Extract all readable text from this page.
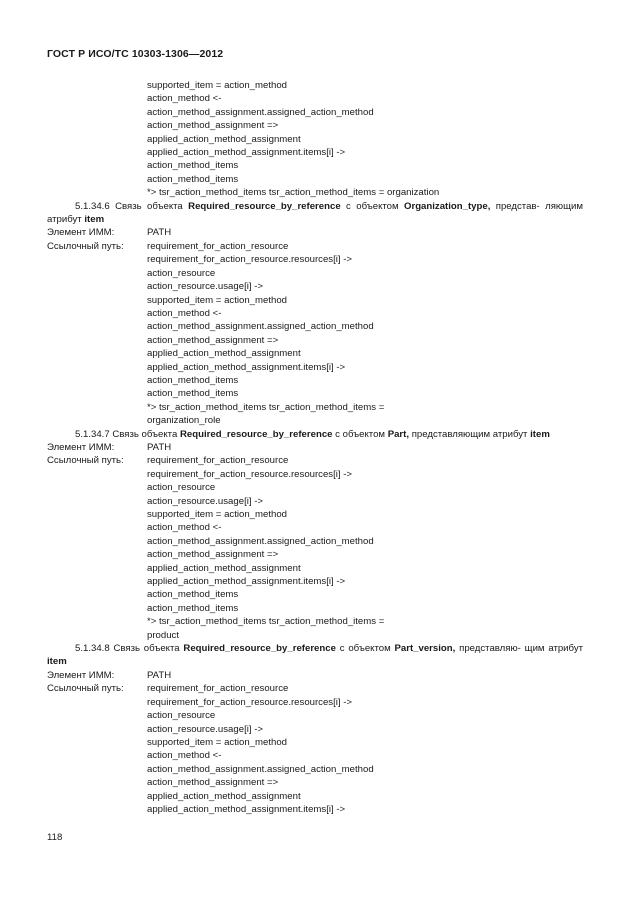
ГОСТ Р ИСО/ТС 10303-1306—2012
supported_item = action_method
action_method <-
action_method_assignment.assigned_action_method
action_method_assignment =>
applied_action_method_assignment
applied_action_method_assignment.items[i] ->
action_method_items
action_method_items
*> tsr_action_method_items tsr_action_method_items = organization
5.1.34.6 Связь объекта Required_resource_by_reference с объектом Organization_type, представ- ляющим атрибут item
Элемент ИММ:	PATH
Ссылочный путь:	requirement_for_action_resource
requirement_for_action_resource.resources[i] ->
action_resource
action_resource.usage[i] ->
supported_item = action_method
action_method <-
action_method_assignment.assigned_action_method
action_method_assignment =>
applied_action_method_assignment
applied_action_method_assignment.items[i] ->
action_method_items
action_method_items
*> tsr_action_method_items tsr_action_method_items =
organization_role
5.1.34.7 Связь объекта Required_resource_by_reference с объектом Part, представляющим атрибут item
Элемент ИММ:	PATH
Ссылочный путь:	requirement_for_action_resource
requirement_for_action_resource.resources[i] ->
action_resource
action_resource.usage[i] ->
supported_item = action_method
action_method <-
action_method_assignment.assigned_action_method
action_method_assignment =>
applied_action_method_assignment
applied_action_method_assignment.items[i] ->
action_method_items
action_method_items
*> tsr_action_method_items tsr_action_method_items =
product
5.1.34.8 Связь объекта Required_resource_by_reference с объектом Part_version, представляю- щим атрибут item
Элемент ИММ:	PATH
Ссылочный путь:	requirement_for_action_resource
requirement_for_action_resource.resources[i] ->
action_resource
action_resource.usage[i] ->
supported_item = action_method
action_method <-
action_method_assignment.assigned_action_method
action_method_assignment =>
applied_action_method_assignment
applied_action_method_assignment.items[i] ->
118
